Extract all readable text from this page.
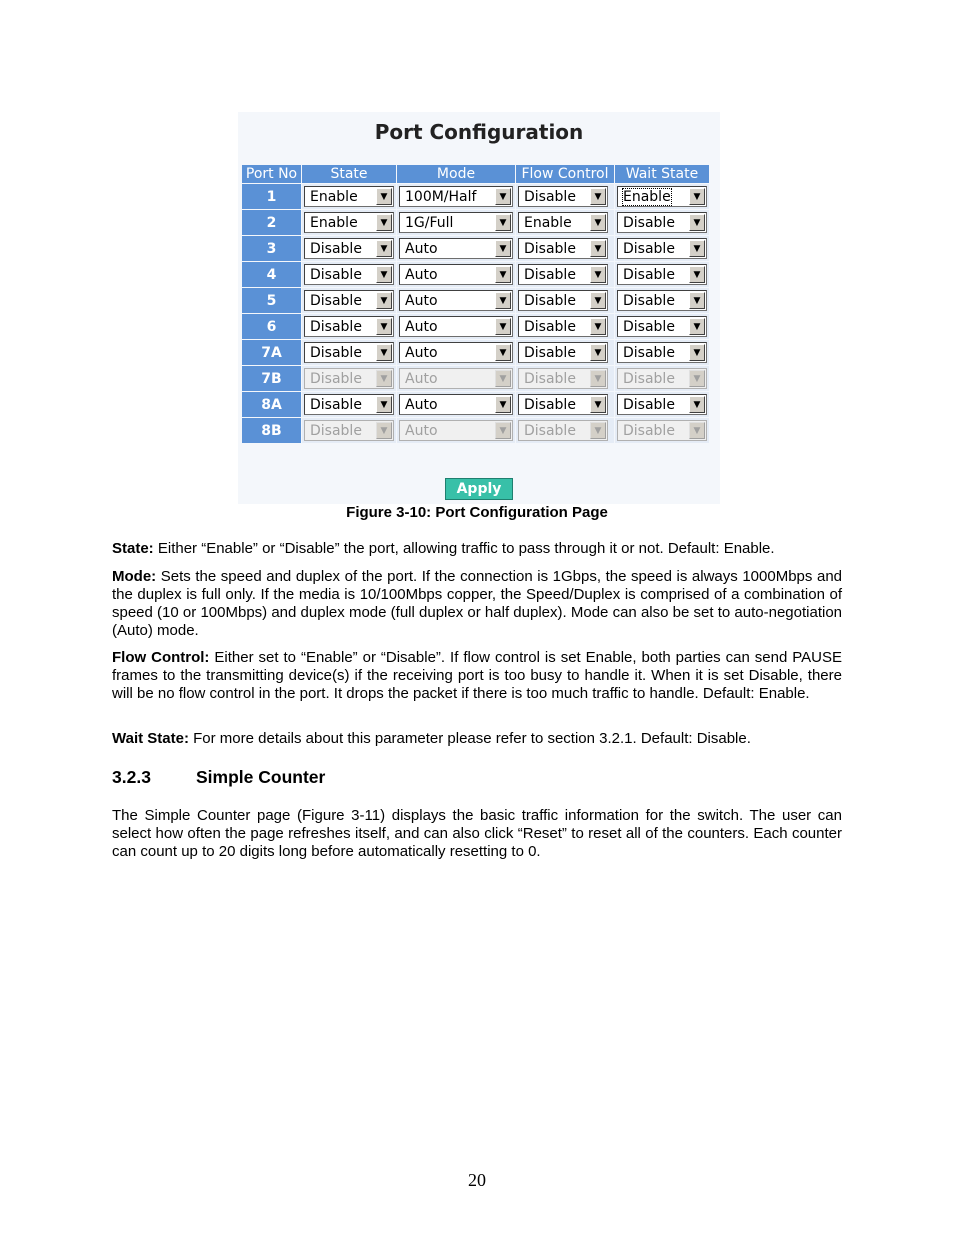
Port Configuration
Port No	State	Mode	Flow Control	Wait State
1	Enable ▼	100M/Half ▼	Disable ▼	Enable ▼

2	Enable ▼	1G/Full ▼	Enable ▼	Disable ▼

3	Disable ▼	Auto ▼	Disable ▼	Disable ▼

4	Disable ▼	Auto ▼	Disable ▼	Disable ▼

5	Disable ▼	Auto ▼	Disable ▼	Disable ▼

6	Disable ▼	Auto ▼	Disable ▼	Disable ▼

7A	Disable ▼	Auto ▼	Disable ▼	Disable ▼

7B	Disable ▼	Auto ▼	Disable ▼	Disable ▼

8A	Disable ▼	Auto ▼	Disable ▼	Disable ▼

8B	Disable ▼	Auto ▼	Disable ▼	Disable ▼
Apply
Figure 3-10: Port Configuration Page
State: Either “Enable” or “Disable” the port, allowing traffic to pass through it or not. Default: Enable.
Mode: Sets the speed and duplex of the port. If the connection is 1Gbps, the speed is always 1000Mbps and the duplex is full only. If the media is 10/100Mbps copper, the Speed/Duplex is comprised of a combination of speed (10 or 100Mbps) and duplex mode (full duplex or half duplex). Mode can also be set to auto-negotiation (Auto) mode.
Flow Control: Either set to “Enable” or “Disable”. If flow control is set Enable, both parties can send PAUSE frames to the transmitting device(s) if the receiving port is too busy to handle it. When it is set Disable, there will be no flow control in the port. It drops the packet if there is too much traffic to handle. Default: Enable.
Wait State: For more details about this parameter please refer to section 3.2.1. Default: Disable.
3.2.3	Simple Counter
The Simple Counter page (Figure 3-11) displays the basic traffic information for the switch. The user can select how often the page refreshes itself, and can also click “Reset” to reset all of the counters. Each counter can count up to 20 digits long before automatically resetting to 0.
20
